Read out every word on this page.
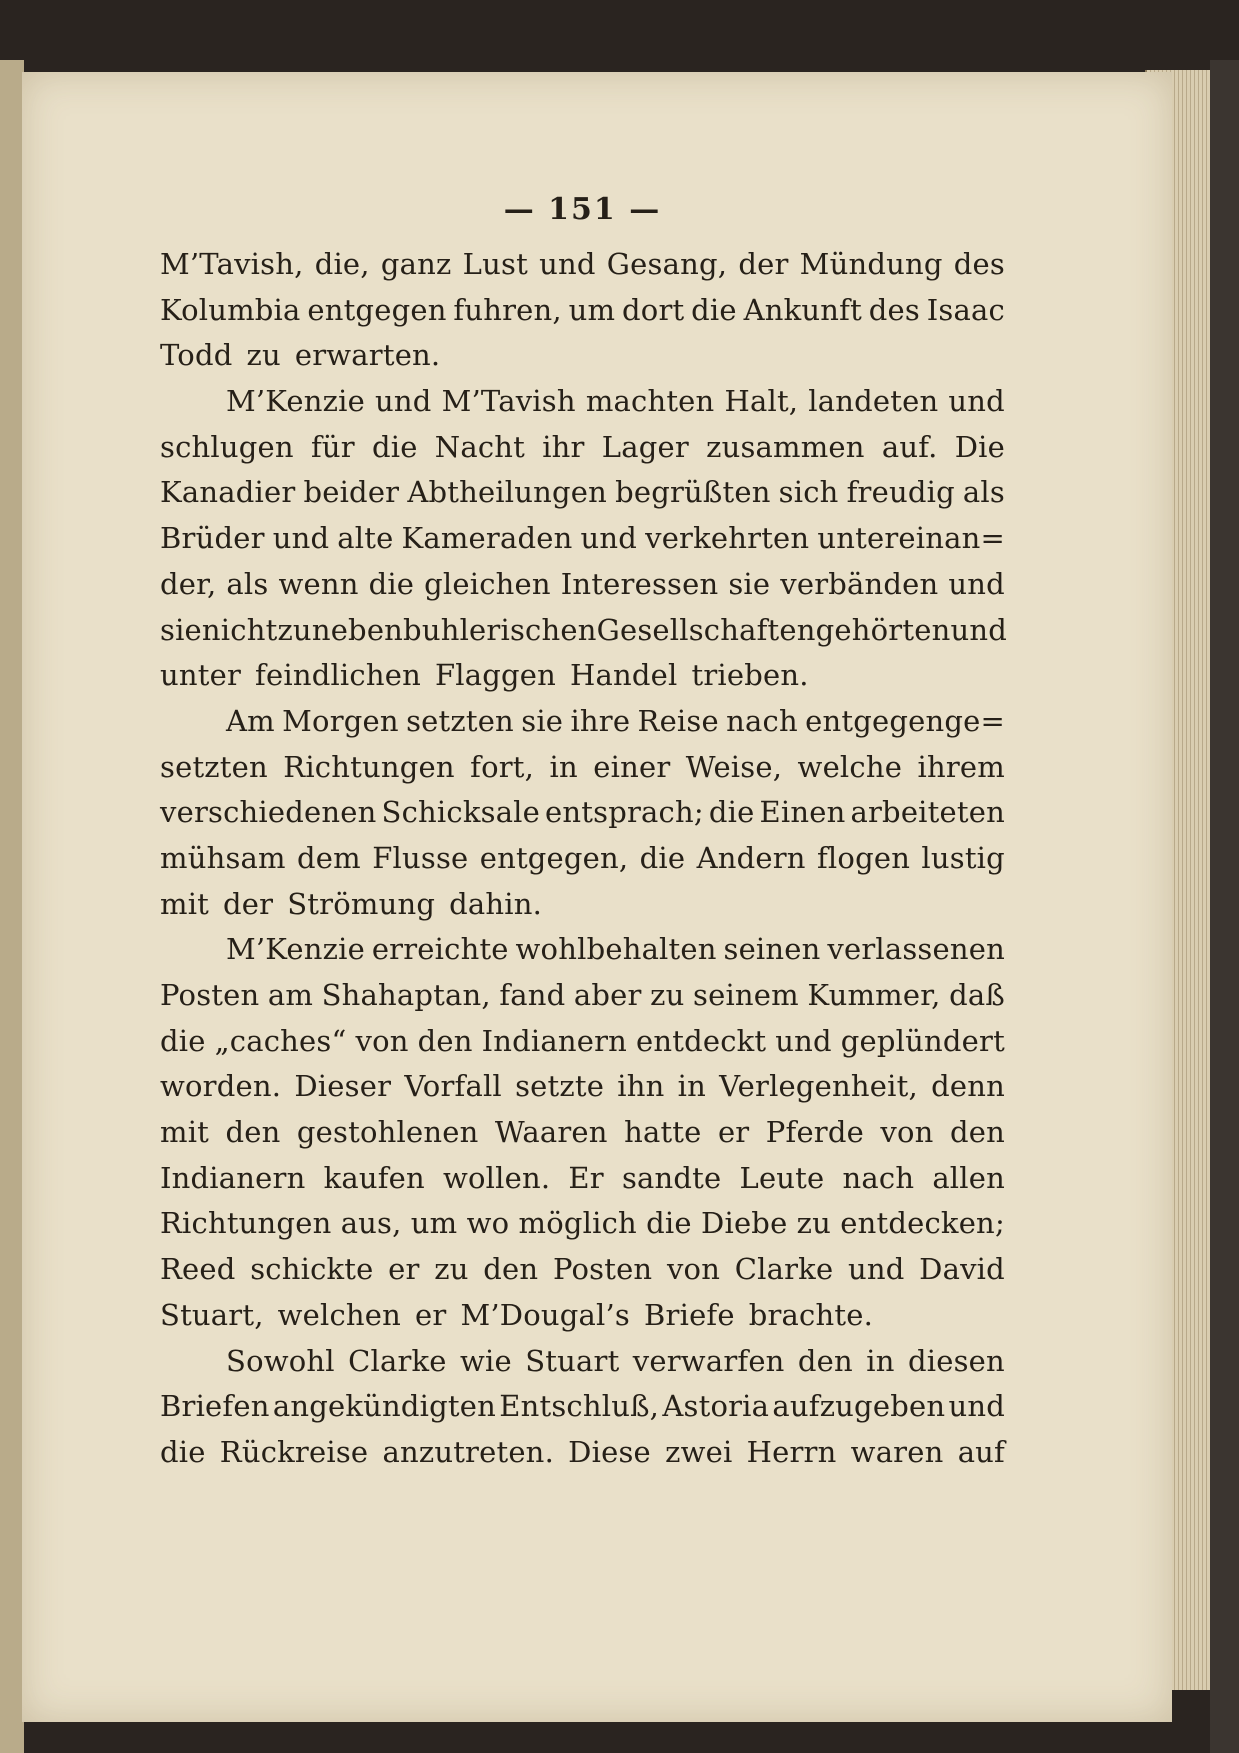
— 151 —
M’Tavish, die, ganz Lust und Gesang, der Mündung des
Kolumbia entgegen fuhren, um dort die Ankunft des Isaac
Todd zu erwarten.
M’Kenzie und M’Tavish machten Halt, landeten und
schlugen für die Nacht ihr Lager zusammen auf. Die
Kanadier beider Abtheilungen begrüßten sich freudig als
Brüder und alte Kameraden und verkehrten untereinan=
der, als wenn die gleichen Interessen sie verbänden und
sie nicht zu nebenbuhlerischen Gesellschaften gehörten und
unter feindlichen Flaggen Handel trieben.
Am Morgen setzten sie ihre Reise nach entgegenge=
setzten Richtungen fort, in einer Weise, welche ihrem
verschiedenen Schicksale entsprach; die Einen arbeiteten
mühsam dem Flusse entgegen, die Andern flogen lustig
mit der Strömung dahin.
M’Kenzie erreichte wohlbehalten seinen verlassenen
Posten am Shahaptan, fand aber zu seinem Kummer, daß
die „caches“ von den Indianern entdeckt und geplündert
worden. Dieser Vorfall setzte ihn in Verlegenheit, denn
mit den gestohlenen Waaren hatte er Pferde von den
Indianern kaufen wollen. Er sandte Leute nach allen
Richtungen aus, um wo möglich die Diebe zu entdecken;
Reed schickte er zu den Posten von Clarke und David
Stuart, welchen er M’Dougal’s Briefe brachte.
Sowohl Clarke wie Stuart verwarfen den in diesen
Briefen angekündigten Entschluß, Astoria aufzugeben und
die Rückreise anzutreten. Diese zwei Herrn waren auf
